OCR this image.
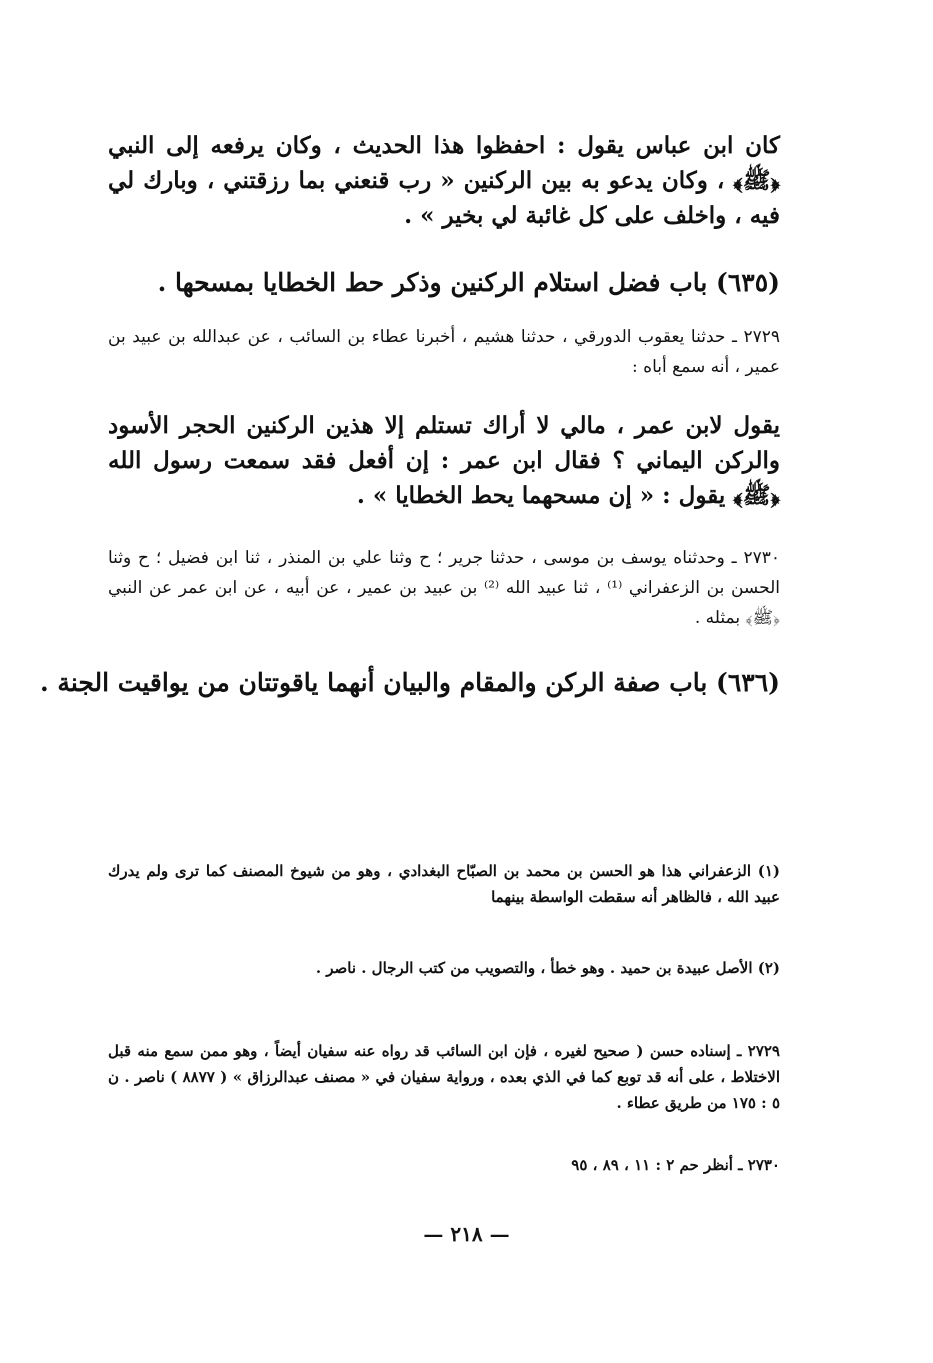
كان ابن عباس يقول : احفظوا هذا الحديث ، وكان يرفعه إلى النبي ﴿ﷺ﴾ ، وكان يدعو به بين الركنين « رب قنعني بما رزقتني ، وبارك لي فيه ، واخلف على كل غائبة لي بخير » .

(٦٣٥) باب فضل استلام الركنين وذكر حط الخطايا بمسحها .

٢٧٢٩ ـ حدثنا يعقوب الدورقي ، حدثنا هشيم ، أخبرنا عطاء بن السائب ، عن عبدالله بن عبيد بن عمير ، أنه سمع أباه :

يقول لابن عمر ، مالي لا أراك تستلم إلا هذين الركنين الحجر الأسود والركن اليماني ؟ فقال ابن عمر : إن أفعل فقد سمعت رسول الله ﴿ﷺ﴾ يقول : « إن مسحهما يحط الخطايا » .

٢٧٣٠ ـ وحدثناه يوسف بن موسى ، حدثنا جرير ؛ ح وثنا علي بن المنذر ، ثنا ابن فضيل ؛ ح وثنا الحسن بن الزعفراني ⁽¹⁾ ، ثنا عبيد الله ⁽²⁾ بن عبيد بن عمير ، عن أبيه ، عن ابن عمر عن النبي ﴿ﷺ﴾ بمثله .

(٦٣٦) باب صفة الركن والمقام والبيان أنهما ياقوتتان من يواقيت الجنة .

(١) الزعفراني هذا هو الحسن بن محمد بن الصبّاح البغدادي ، وهو من شيوخ المصنف كما ترى ولم يدرك عبيد الله ، فالظاهر أنه سقطت الواسطة بينهما

(٢) الأصل عبيدة بن حميد . وهو خطأ ، والتصويب من كتب الرجال . ناصر .

٢٧٢٩ ـ إسناده حسن ( صحيح لغيره ، فإن ابن السائب قد رواه عنه سفيان أيضاً ، وهو ممن سمع منه قبل الاختلاط ، على أنه قد توبع كما في الذي بعده ، ورواية سفيان في « مصنف عبدالرزاق » ( ٨٨٧٧ ) ناصر . ن ٥ : ١٧٥ من طريق عطاء .

٢٧٣٠ ـ أنظر حم ٢ : ١١ ، ٨٩ ، ٩٥

— ٢١٨ —
